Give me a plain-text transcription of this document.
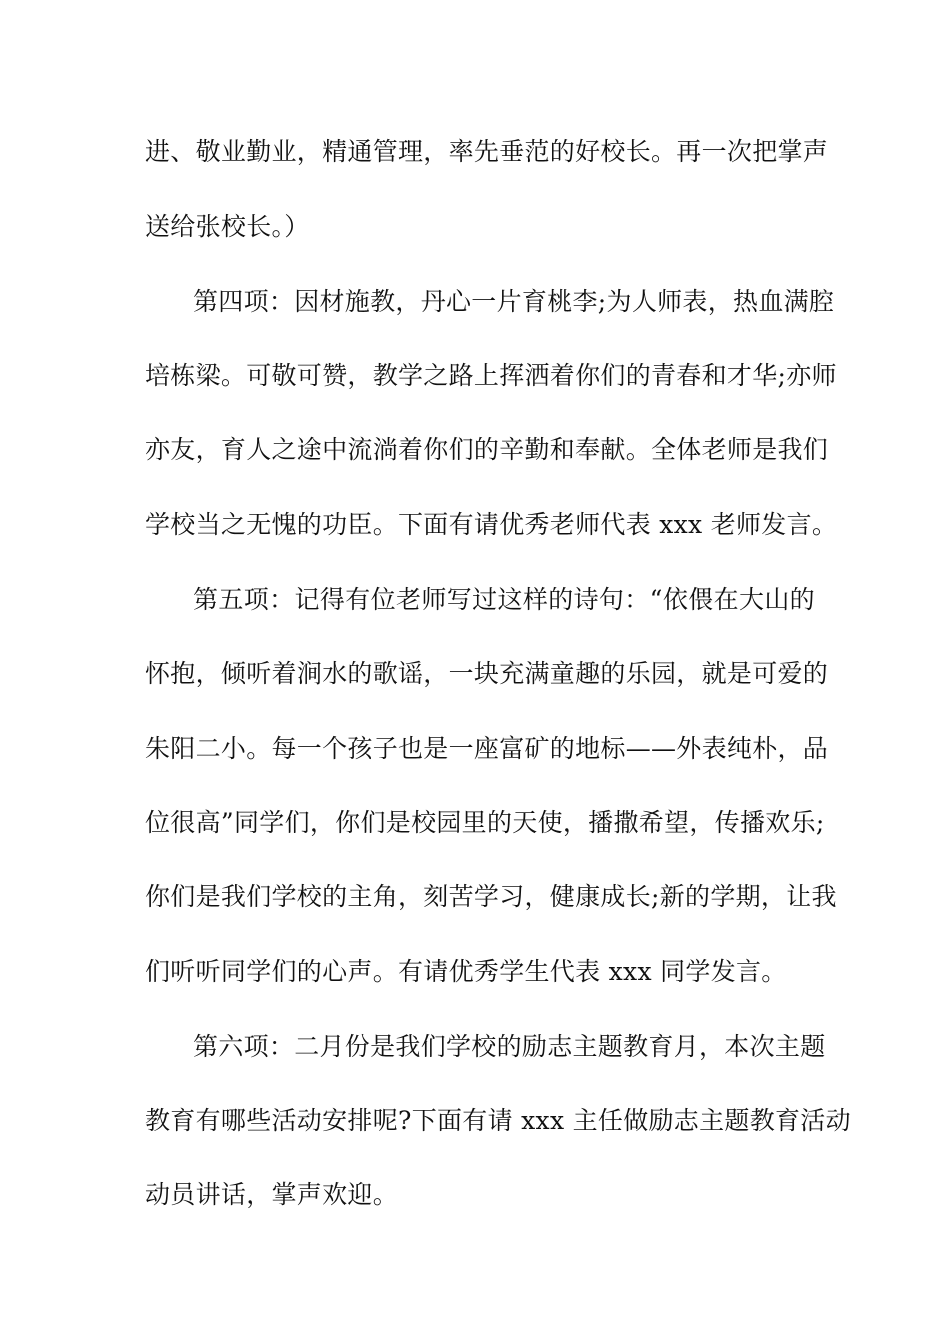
进、敬业勤业，精通管理，率先垂范的好校长。再一次把掌声
送给张校长。）
第四项：因材施教，丹心一片育桃李;为人师表，热血满腔
培栋梁。可敬可赞，教学之路上挥洒着你们的青春和才华;亦师
亦友，育人之途中流淌着你们的辛勤和奉献。全体老师是我们
学校当之无愧的功臣。下面有请优秀老师代表 xxx 老师发言。
第五项：记得有位老师写过这样的诗句：“依偎在大山的
怀抱，倾听着涧水的歌谣，一块充满童趣的乐园，就是可爱的
朱阳二小。每一个孩子也是一座富矿的地标——外表纯朴，品
位很高”同学们，你们是校园里的天使，播撒希望，传播欢乐;
你们是我们学校的主角，刻苦学习，健康成长;新的学期，让我
们听听同学们的心声。有请优秀学生代表 xxx 同学发言。
第六项：二月份是我们学校的励志主题教育月，本次主题
教育有哪些活动安排呢?下面有请 xxx 主任做励志主题教育活动
动员讲话，掌声欢迎。
